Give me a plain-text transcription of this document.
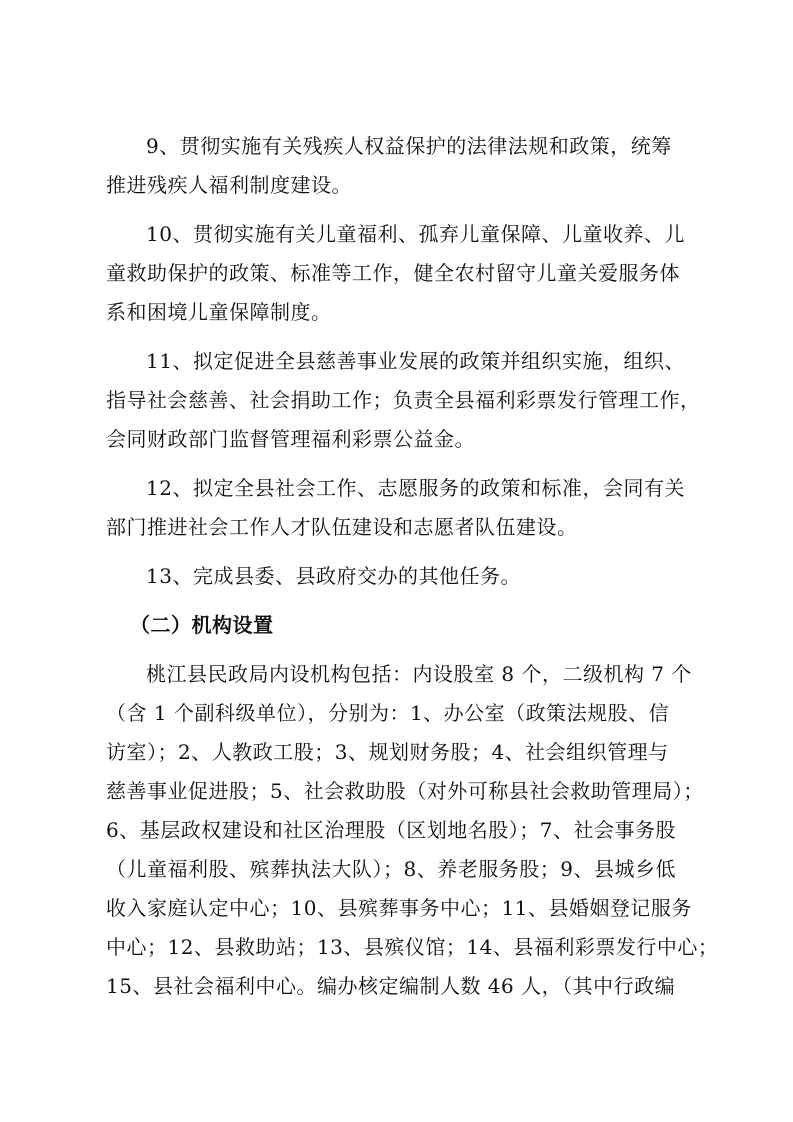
9、贯彻实施有关残疾人权益保护的法律法规和政策，统筹
推进残疾人福利制度建设。

10、贯彻实施有关儿童福利、孤弃儿童保障、儿童收养、儿
童救助保护的政策、标准等工作，健全农村留守儿童关爱服务体
系和困境儿童保障制度。

11、拟定促进全县慈善事业发展的政策并组织实施，组织、
指导社会慈善、社会捐助工作；负责全县福利彩票发行管理工作，
会同财政部门监督管理福利彩票公益金。

12、拟定全县社会工作、志愿服务的政策和标准，会同有关
部门推进社会工作人才队伍建设和志愿者队伍建设。

13、完成县委、县政府交办的其他任务。

（二）机构设置

桃江县民政局内设机构包括：内设股室 8 个，二级机构 7 个
（含 1 个副科级单位），分别为：1、办公室（政策法规股、信
访室）；2、人教政工股；3、规划财务股；4、社会组织管理与
慈善事业促进股；5、社会救助股（对外可称县社会救助管理局）；
6、基层政权建设和社区治理股（区划地名股）；7、社会事务股
（儿童福利股、殡葬执法大队）；8、养老服务股；9、县城乡低
收入家庭认定中心；10、县殡葬事务中心；11、县婚姻登记服务
中心；12、县救助站；13、县殡仪馆；14、县福利彩票发行中心；
15、县社会福利中心。编办核定编制人数 46 人，（其中行政编
